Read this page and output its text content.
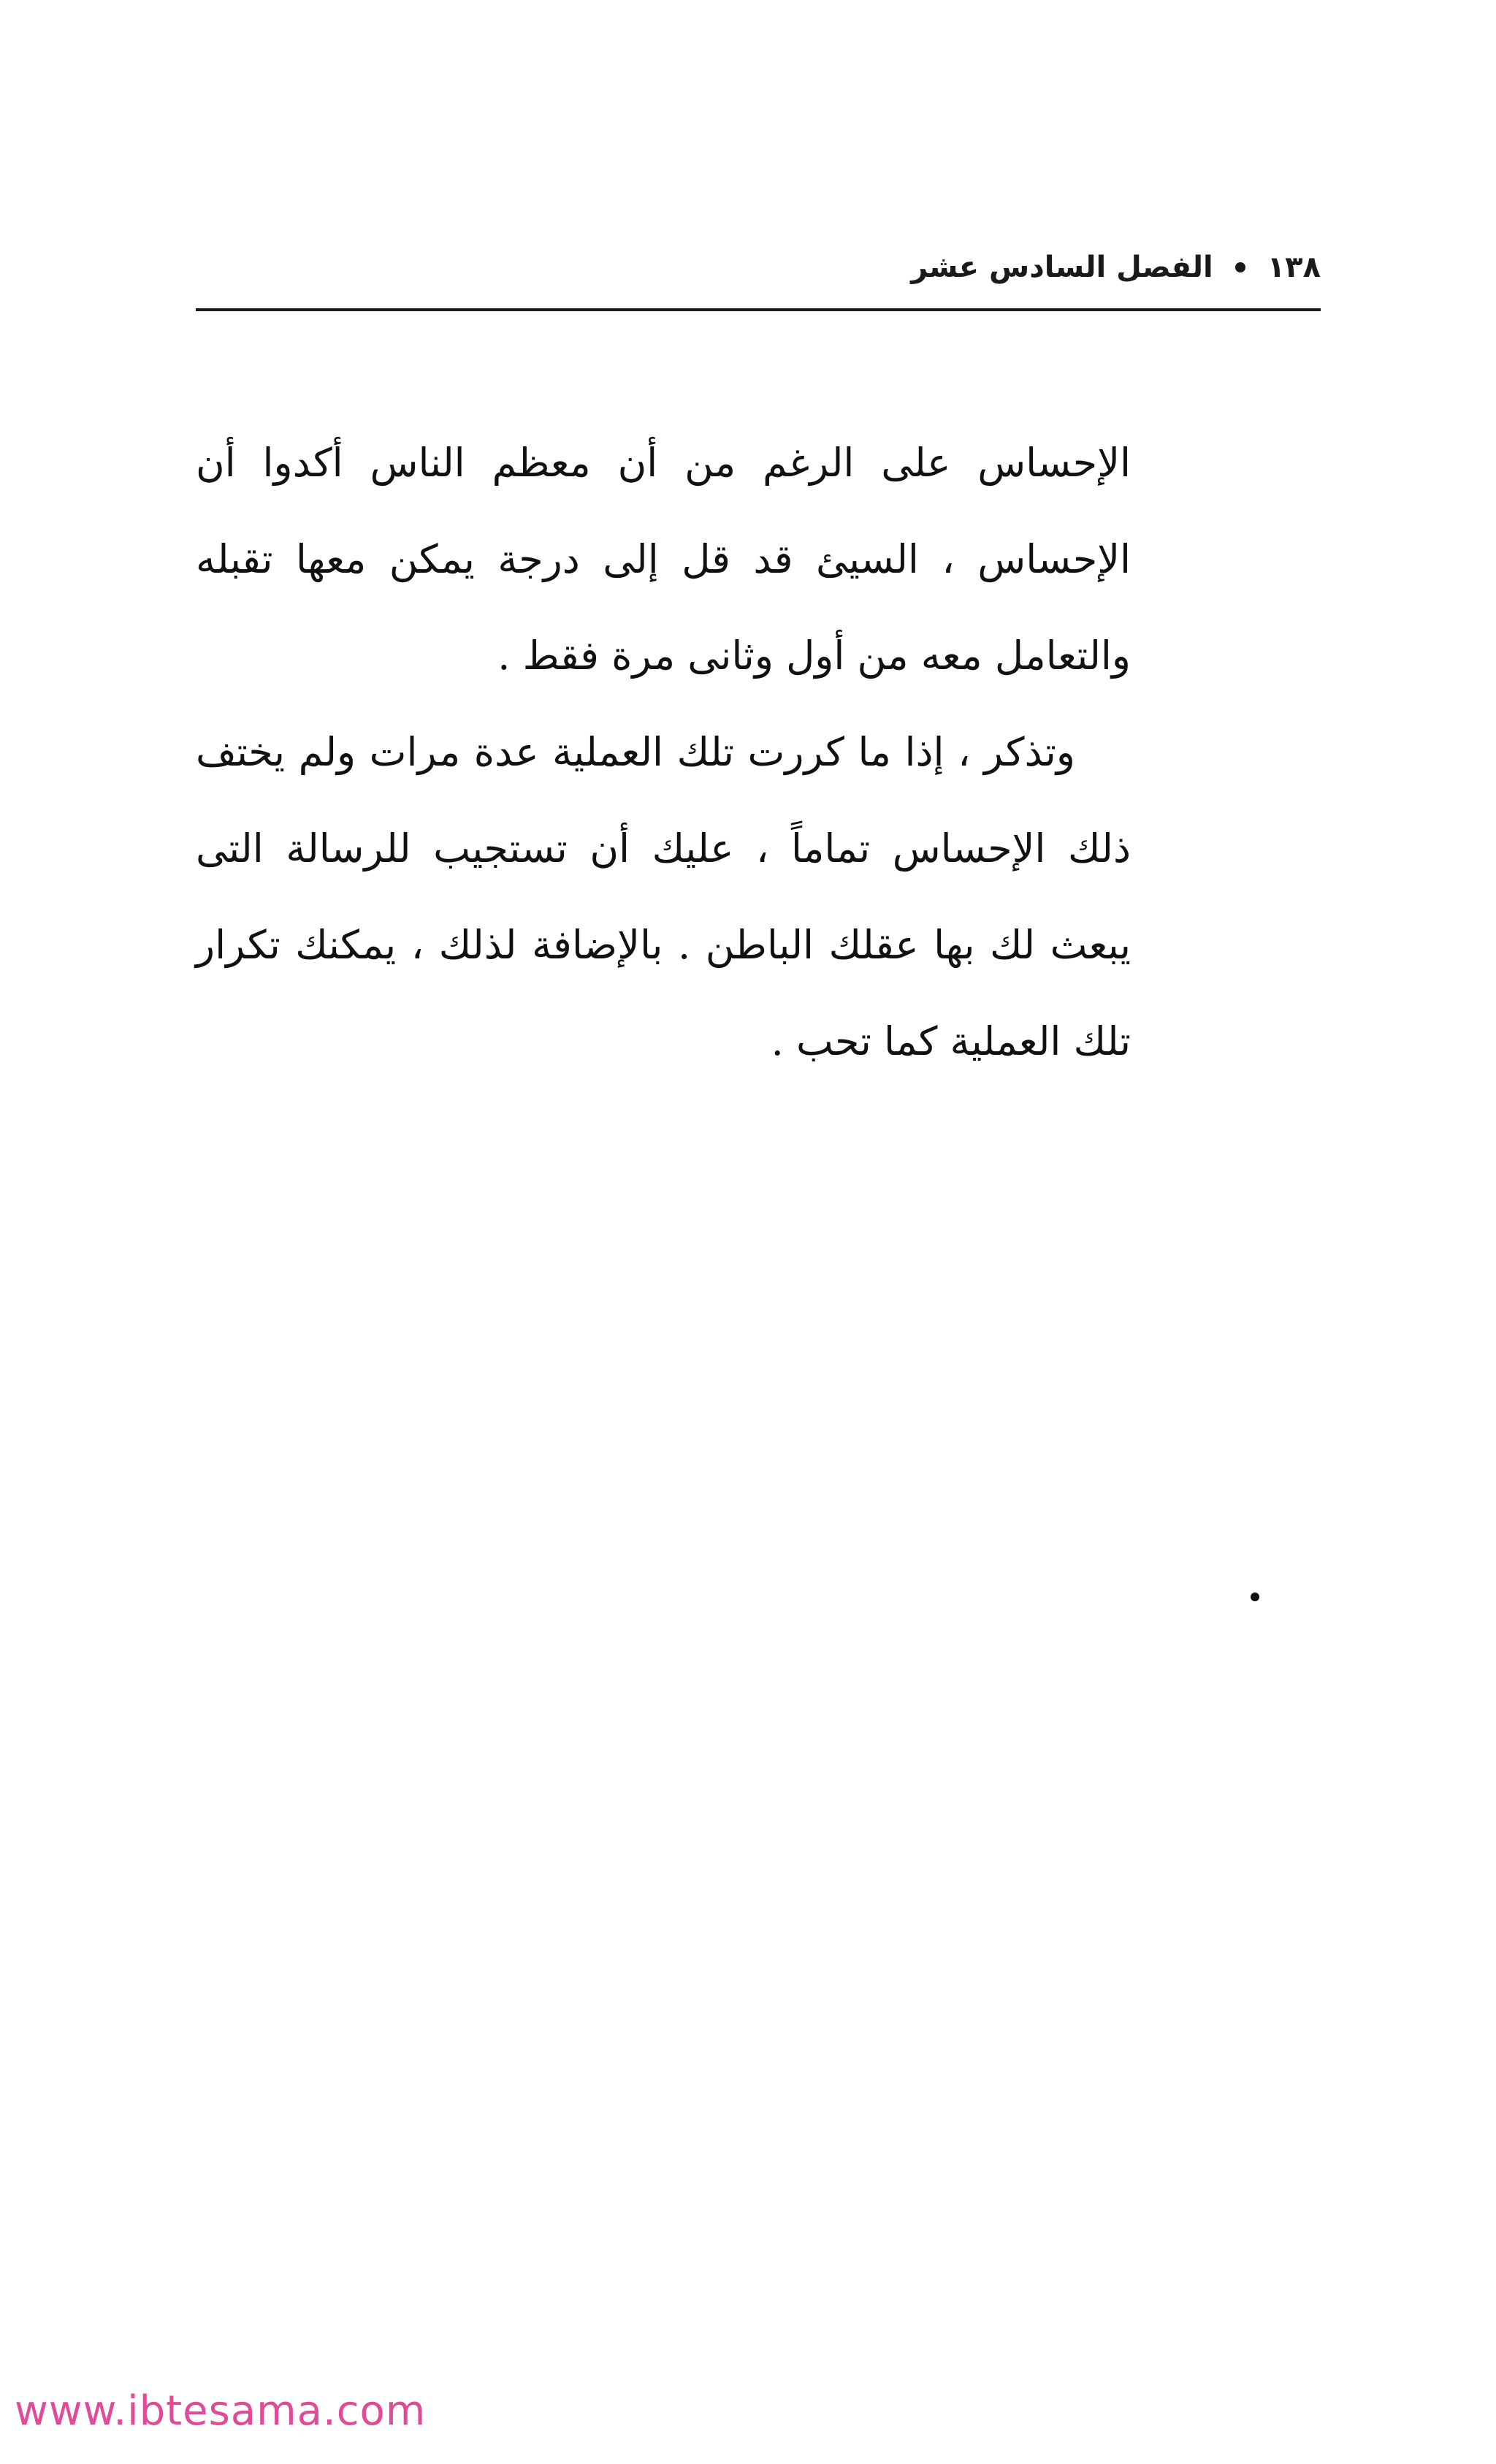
١٣٨
الفصل السادس عشر

الإحساس على الرغم من أن معظم الناس أكدوا أن الإحساس ، السيئ قد قل إلى درجة يمكن معها تقبله والتعامل معه من أول وثانى مرة فقط .

وتذكر ، إذا ما كررت تلك العملية عدة مرات ولم يختف ذلك الإحساس تماماً ، عليك أن تستجيب للرسالة التى يبعث لك بها عقلك الباطن . بالإضافة لذلك ، يمكنك تكرار تلك العملية كما تحب .

www.ibtesama.com
